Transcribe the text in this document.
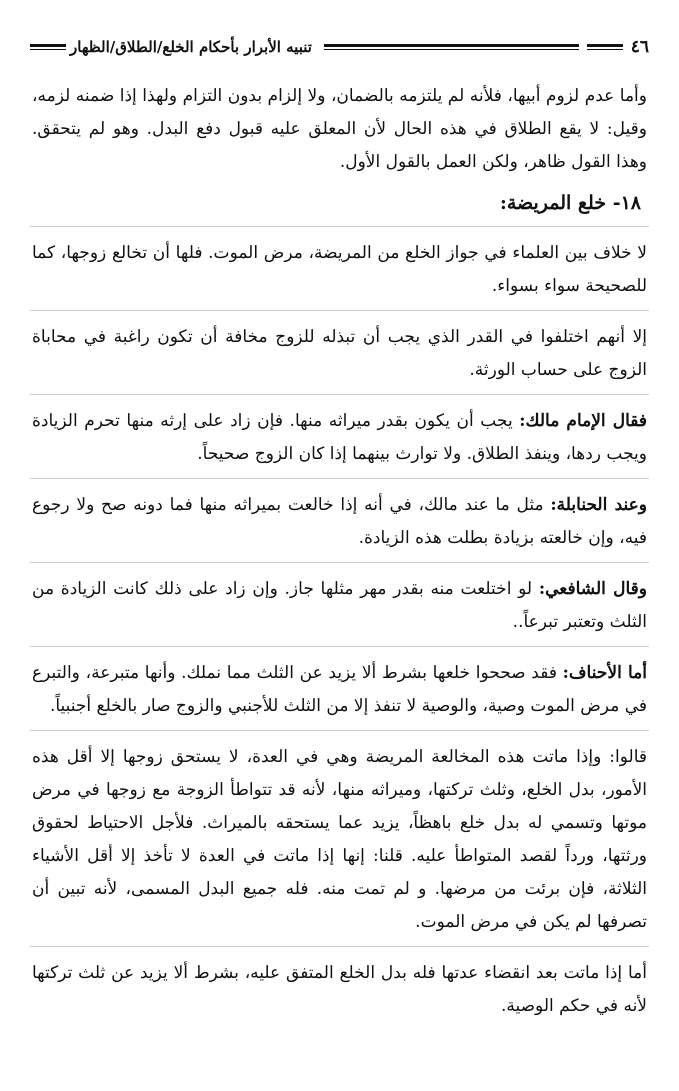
٤٦
تنبيه الأبرار بأحكام الخلع/الطلاق/الظهار

وأما عدم لزوم أبيها، فلأنه لم يلتزمه بالضمان، ولا إلزام بدون التزام ولهذا إذا ضمنه لزمه، وقيل: لا يقع الطلاق في هذه الحال لأن المعلق عليه قبول دفع البدل. وهو لم يتحقق. وهذا القول ظاهر، ولكن العمل بالقول الأول.

١٨- خلع المريضة:

لا خلاف بين العلماء في جواز الخلع من المريضة، مرض الموت. فلها أن تخالع زوجها، كما للصحيحة سواء بسواء.

إلا أنهم اختلفوا في القدر الذي يجب أن تبذله للزوج مخافة أن تكون راغبة في محاباة الزوج على حساب الورثة.

فقال الإمام مالك: يجب أن يكون بقدر ميراثه منها. فإن زاد على إرثه منها تحرم الزيادة ويجب ردها، وينفذ الطلاق. ولا توارث بينهما إذا كان الزوج صحيحاً.

وعند الحنابلة: مثل ما عند مالك، في أنه إذا خالعت بميراثه منها فما دونه صح ولا رجوع فيه، وإن خالعته بزيادة بطلت هذه الزيادة.

وقال الشافعي: لو اختلعت منه بقدر مهر مثلها جاز. وإن زاد على ذلك كانت الزيادة من الثلث وتعتبر تبرعاً..

أما الأحناف: فقد صححوا خلعها بشرط ألا يزيد عن الثلث مما نملك. وأنها متبرعة، والتبرع في مرض الموت وصية، والوصية لا تنفذ إلا من الثلث للأجنبي والزوج صار بالخلع أجنبياً.

قالوا: وإذا ماتت هذه المخالعة المريضة وهي في العدة، لا يستحق زوجها إلا أقل هذه الأمور، بدل الخلع، وثلث تركتها، وميراثه منها، لأنه قد تتواطأ الزوجة مع زوجها في مرض موتها وتسمي له بدل خلع باهظاً، يزيد عما يستحقه بالميراث. فلأجل الاحتياط لحقوق ورثتها، ورداً لقصد المتواطأ عليه. قلنا: إنها إذا ماتت في العدة لا تأخذ إلا أقل الأشياء الثلاثة، فإن برئت من مرضها. و لم تمت منه. فله جميع البدل المسمى، لأنه تبين أن تصرفها لم يكن في مرض الموت.

أما إذا ماتت بعد انقضاء عدتها فله بدل الخلع المتفق عليه، بشرط ألا يزيد عن ثلث تركتها لأنه في حكم الوصية.
